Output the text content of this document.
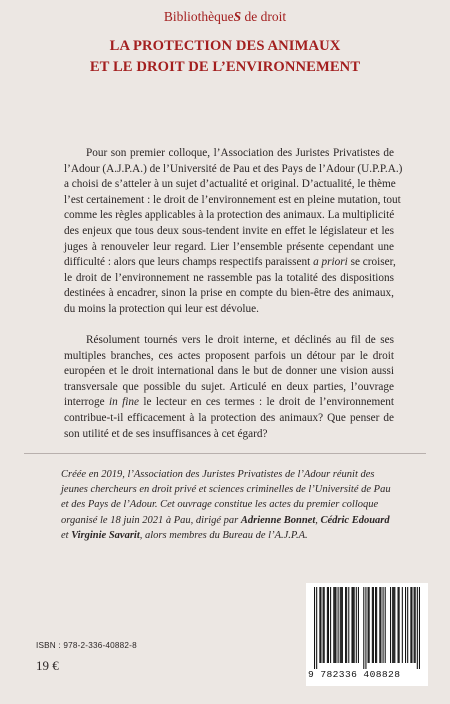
BibliothèqueS de droit
LA PROTECTION DES ANIMAUX
ET LE DROIT DE L’ENVIRONNEMENT
Pour son premier colloque, l’Association des Juristes Privatistes de
l’Adour (A.J.P.A.) de l’Université de Pau et des Pays de l’Adour (U.P.P.A.)
a choisi de s’atteler à un sujet d’actualité et original. D’actualité, le thème
l’est certainement : le droit de l’environnement est en pleine mutation, tout
comme les règles applicables à la protection des animaux. La multiplicité
des enjeux que tous deux sous-tendent invite en effet le législateur et les
juges à renouveler leur regard. Lier l’ensemble présente cependant une
difficulté : alors que leurs champs respectifs paraissent a priori se croiser,
le droit de l’environnement ne rassemble pas la totalité des dispositions
destinées à encadrer, sinon la prise en compte du bien-être des animaux,
du moins la protection qui leur est dévolue.
Résolument tournés vers le droit interne, et déclinés au fil de ses
multiples branches, ces actes proposent parfois un détour par le droit
européen et le droit international dans le but de donner une vision aussi
transversale que possible du sujet. Articulé en deux parties, l’ouvrage
interroge in fine le lecteur en ces termes : le droit de l’environnement
contribue-t-il efficacement à la protection des animaux? Que penser de
son utilité et de ses insuffisances à cet égard?

Créée en 2019, l’Association des Juristes Privatistes de l’Adour réunit des jeunes chercheurs en droit privé et sciences criminelles de l’Université de Pau et des Pays de l’Adour. Cet ouvrage constitue les actes du premier colloque organisé le 18 juin 2021 à Pau, dirigé par Adrienne Bonnet, Cédric Edouard et Virginie Savarit, alors membres du Bureau de l’A.J.P.A.

ISBN : 978-2-336-40882-8
19 €
9 782336 408828
